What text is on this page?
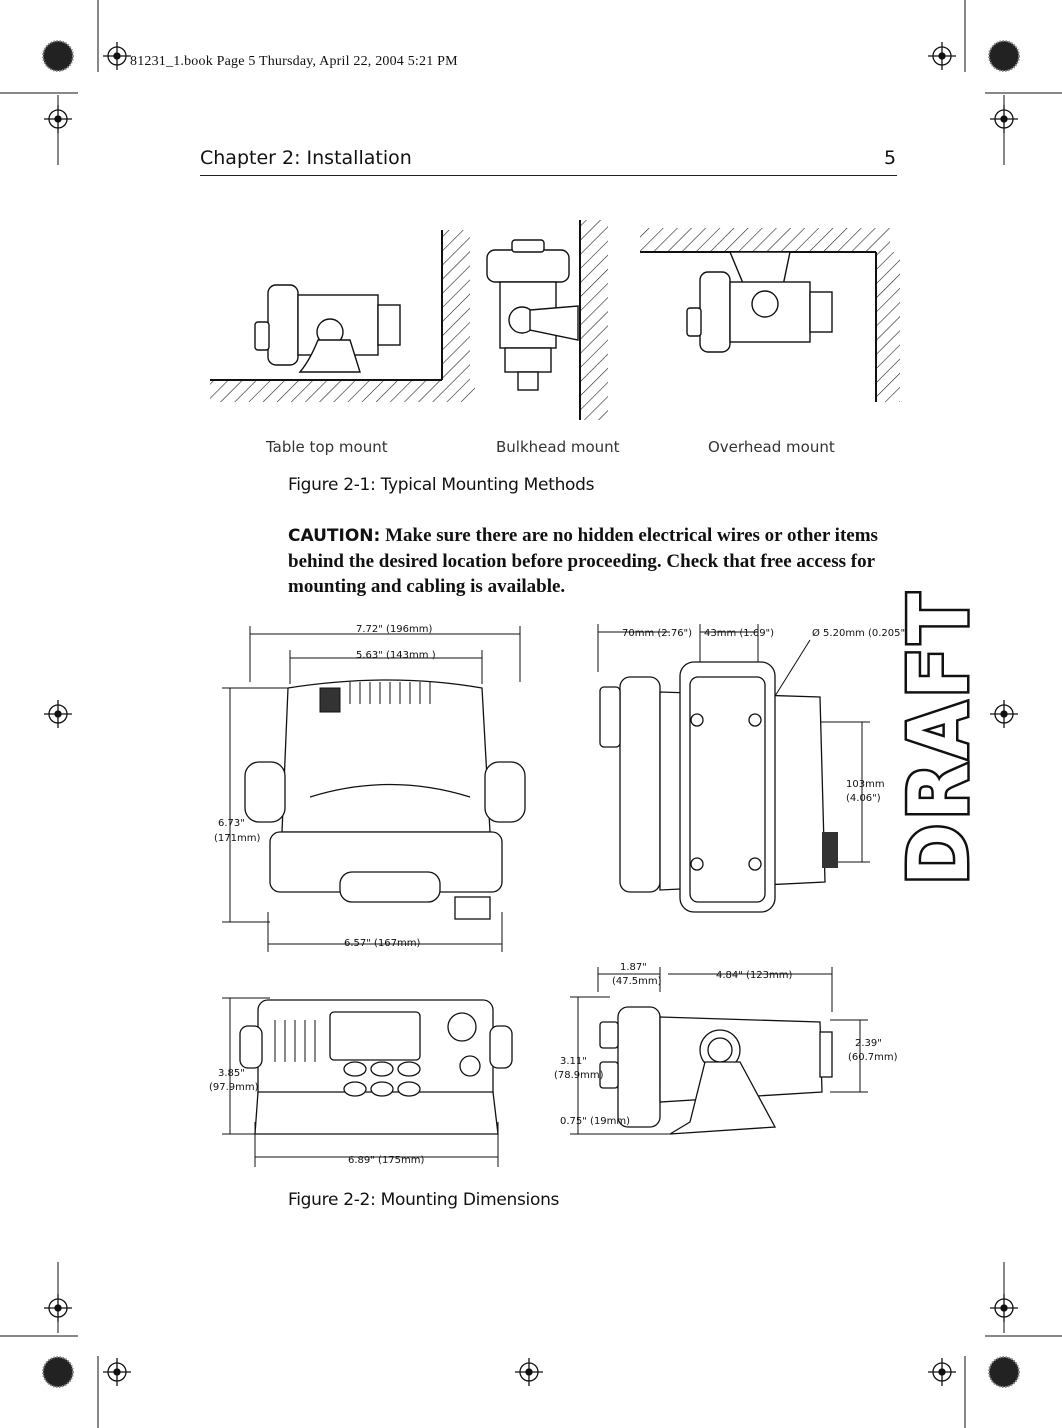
81231_1.book Page 5 Thursday, April 22, 2004 5:21 PM
Chapter 2: Installation	5
Table top mount	Bulkhead mount	Overhead mount
Figure 2-1: Typical Mounting Methods
CAUTION: Make sure there are no hidden electrical wires or other items behind the desired location before proceeding. Check that free access for mounting and cabling is available.
7.72" (196mm)
5.63" (143mm )
6.73"
(171mm)
6.57" (167mm)
70mm (2.76") 43mm (1.69")	Ø 5.20mm (0.205")
103mm
(4.06")
3.85"
(97.9mm)
6.89" (175mm)
1.87"
(47.5mm)
4.84" (123mm)
3.11"
(78.9mm)
0.75" (19mm)
2.39"
(60.7mm)
Figure 2-2: Mounting Dimensions
DRAFT
